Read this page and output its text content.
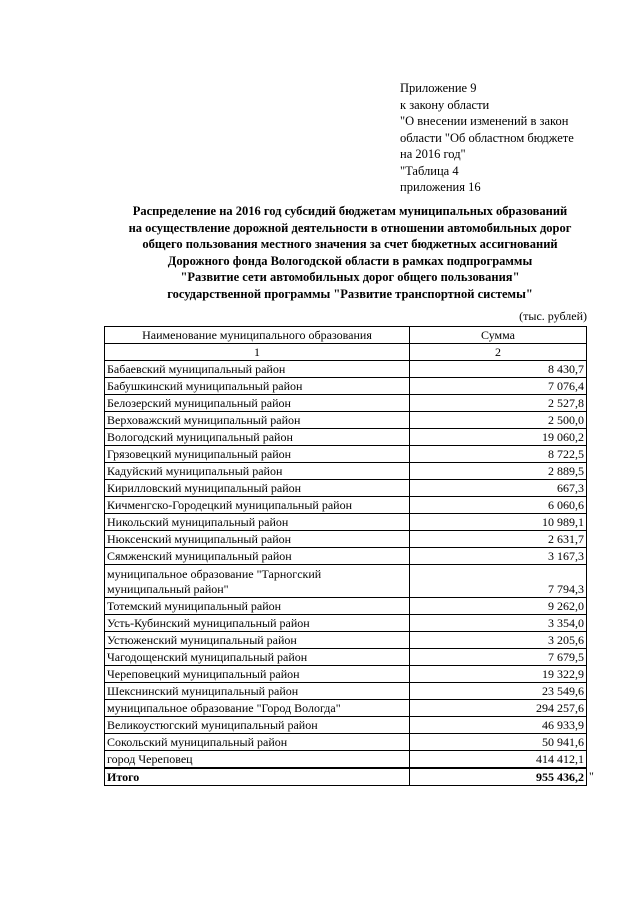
Приложение 9
к закону области
"О внесении изменений в закон
области "Об областном бюджете
на 2016 год"
"Таблица 4
приложения 16
Распределение на 2016 год субсидий бюджетам муниципальных образований
на осуществление дорожной деятельности в отношении автомобильных дорог
общего пользования местного значения за счет бюджетных ассигнований
Дорожного фонда Вологодской области в рамках подпрограммы
"Развитие сети автомобильных дорог общего пользования"
государственной программы "Развитие транспортной системы"
(тыс. рублей)
Наименование муниципального образования	Сумма
1	2
Бабаевский муниципальный район	8 430,7
Бабушкинский муниципальный район	7 076,4
Белозерский муниципальный район	2 527,8
Верховажский муниципальный район	2 500,0
Вологодский муниципальный район	19 060,2
Грязовецкий муниципальный район	8 722,5
Кадуйский муниципальный район	2 889,5
Кирилловский муниципальный район	667,3
Кичменгско-Городецкий муниципальный район	6 060,6
Никольский муниципальный район	10 989,1
Нюксенский муниципальный район	2 631,7
Сямженский муниципальный район	3 167,3

муниципальное образование "Тарногский
муниципальный район"	7 794,3
Тотемский муниципальный район	9 262,0
Усть-Кубинский муниципальный район	3 354,0
Устюженский муниципальный район	3 205,6
Чагодощенский муниципальный район	7 679,5
Череповецкий муниципальный район	19 322,9
Шекснинский муниципальный район	23 549,6
муниципальное образование "Город Вологда"	294 257,6
Великоустюгский муниципальный район	46 933,9
Сокольский муниципальный район	50 941,6
город Череповец	414 412,1
Итого	955 436,2 "
